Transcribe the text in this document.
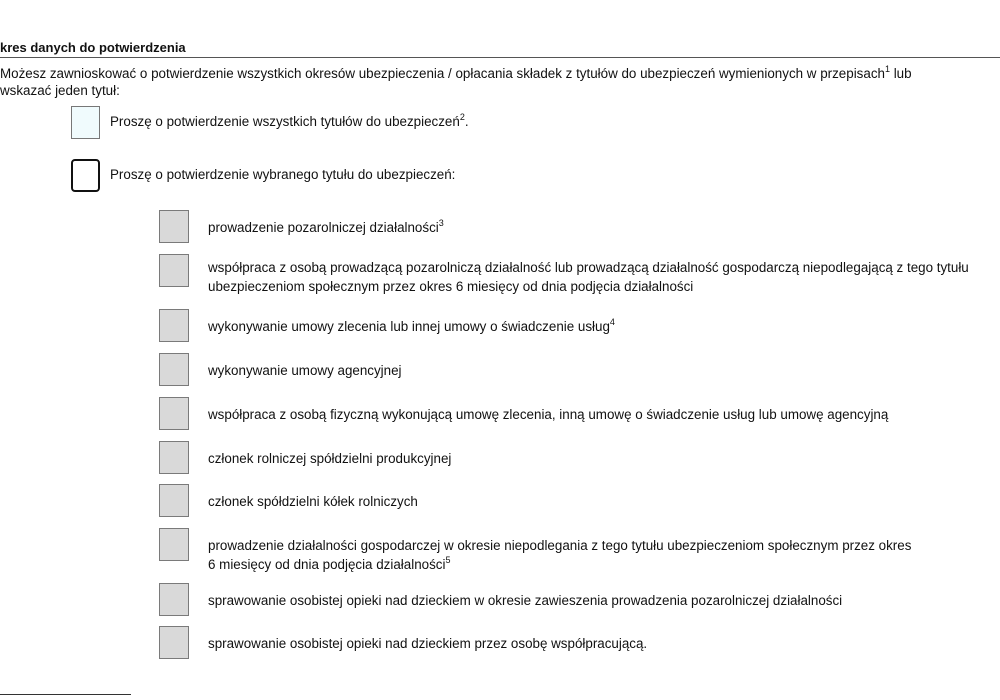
kres danych do potwierdzenia

Możesz zawnioskować o potwierdzenie wszystkich okresów ubezpieczenia / opłacania składek z tytułów do ubezpieczeń wymienionych w przepisach$^1$ lub
wskazać jeden tytuł:

Proszę o potwierdzenie wszystkich tytułów do ubezpieczeń$^2$.
Proszę o potwierdzenie wybranego tytułu do ubezpieczeń:
prowadzenie pozarolniczej działalności$^3$
współpraca z osobą prowadzącą pozarolniczą działalność lub prowadzącą działalność gospodarczą niepodlegającą z tego tytułu
ubezpieczeniom społecznym przez okres 6 miesięcy od dnia podjęcia działalności
wykonywanie umowy zlecenia lub innej umowy o świadczenie usług$^4$
wykonywanie umowy agencyjnej
współpraca z osobą fizyczną wykonującą umowę zlecenia, inną umowę o świadczenie usług lub umowę agencyjną
członek rolniczej spółdzielni produkcyjnej
członek spółdzielni kółek rolniczych
prowadzenie działalności gospodarczej w okresie niepodlegania z tego tytułu ubezpieczeniom społecznym przez okres
6 miesięcy od dnia podjęcia działalności$^5$
sprawowanie osobistej opieki nad dzieckiem w okresie zawieszenia prowadzenia pozarolniczej działalności
sprawowanie osobistej opieki nad dzieckiem przez osobę współpracującą.
